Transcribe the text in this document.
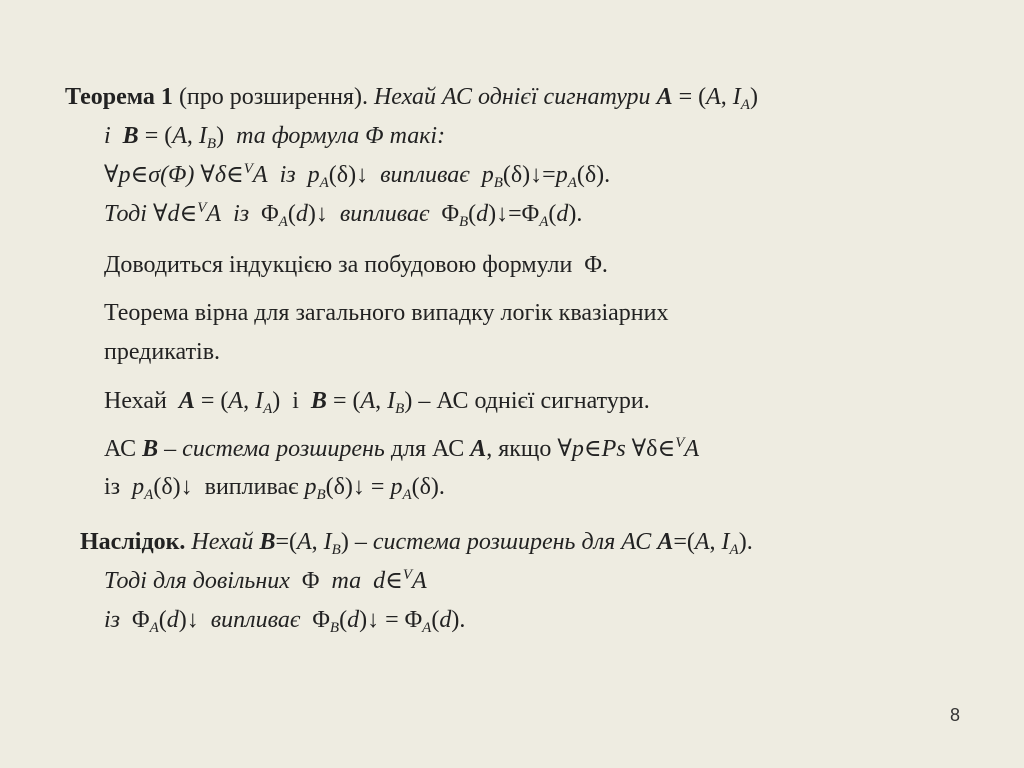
Теорема 1 (про розширення). Нехай АС однієї сигнатури A = (A, $I_A$)
і B = (A, $I_B$) та формула Φ такі:
∀p∈σ(Φ) ∀δ∈$^V$A із $p_A(\delta)↓$ випливає $p_B(\delta)↓=p_A(\delta)$.
Тоді ∀d∈$^V$A із $\Phi_A(d)↓$ випливає $\Phi_B(d)↓=\Phi_A(d)$.
Доводиться індукцією за побудовою формули Φ.
Теорема вірна для загального випадку логік квазіарних
предикатів.
Нехай A = (A, $I_A$) і B = (A, $I_B$) – АС однієї сигнатури.
АС B – система розширень для АС A, якщо ∀p∈Ps ∀δ∈$^V$A
із $p_A(\delta)↓$ випливає $p_B(\delta)↓ = p_A(\delta)$.
Наслідок. Нехай B=(A, $I_B$) – система розширень для АС A=(A, $I_A$).
Тоді для довільних Φ та d∈$^V$A
із $\Phi_A(d)↓$ випливає $\Phi_B(d)↓ = \Phi_A(d)$.
8
